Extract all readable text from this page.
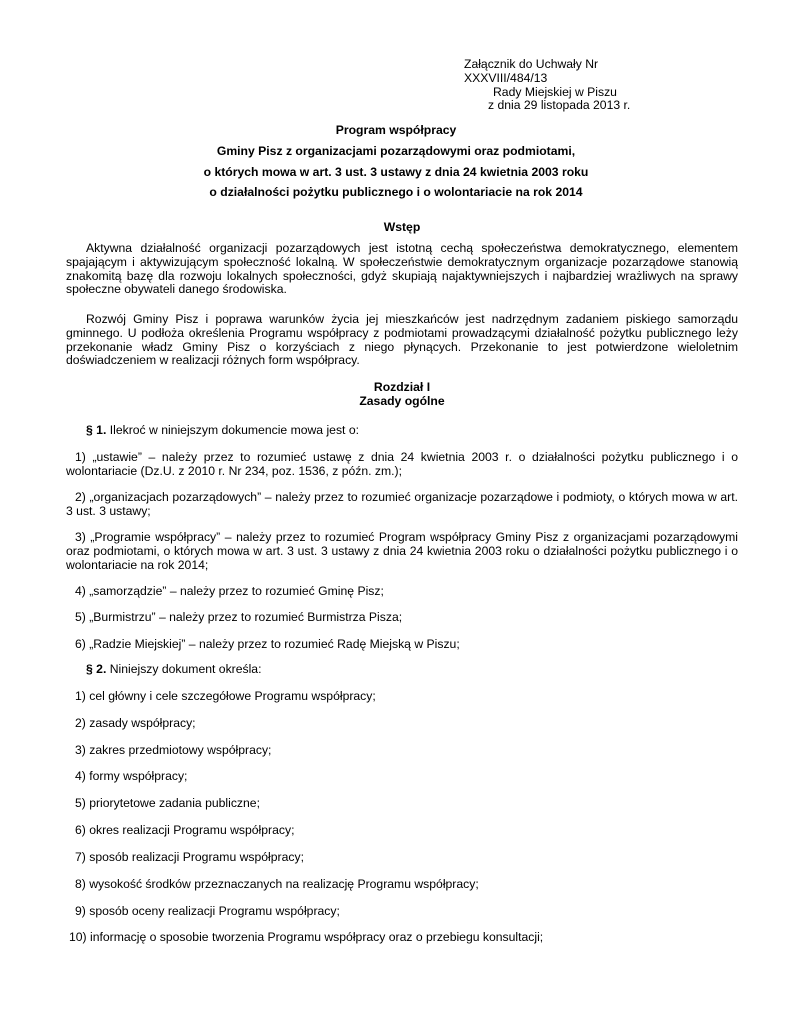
Załącznik do Uchwały Nr XXXVIII/484/13
Rady Miejskiej w Piszu
z dnia 29 listopada 2013 r.
Program współpracy
Gminy Pisz z organizacjami pozarządowymi oraz podmiotami,
o których mowa w art. 3 ust. 3 ustawy z dnia 24 kwietnia 2003 roku
o działalności pożytku publicznego i o wolontariacie na rok 2014
Wstęp
Aktywna działalność organizacji pozarządowych jest istotną cechą społeczeństwa demokratycznego, elementem spajającym i aktywizującym społeczność lokalną. W społeczeństwie demokratycznym organizacje pozarządowe stanowią znakomitą bazę dla rozwoju lokalnych społeczności, gdyż skupiają najaktywniejszych i najbardziej wrażliwych na sprawy społeczne obywateli danego środowiska.
Rozwój Gminy Pisz i poprawa warunków życia jej mieszkańców jest nadrzędnym zadaniem piskiego samorządu gminnego. U podłoża określenia Programu współpracy z podmiotami prowadzącymi działalność pożytku publicznego leży przekonanie władz Gminy Pisz o korzyściach z niego płynących. Przekonanie to jest potwierdzone wieloletnim doświadczeniem w realizacji różnych form współpracy.
Rozdział I
Zasady ogólne
§ 1. Ilekroć w niniejszym dokumencie mowa jest o:
1) „ustawie” – należy przez to rozumieć ustawę z dnia 24 kwietnia 2003 r. o działalności pożytku publicznego i o wolontariacie (Dz.U. z 2010 r. Nr 234, poz. 1536, z późn. zm.);
2) „organizacjach pozarządowych” – należy przez to rozumieć organizacje pozarządowe i podmioty, o których mowa w art. 3 ust. 3 ustawy;
3) „Programie współpracy” – należy przez to rozumieć Program współpracy Gminy Pisz z organizacjami pozarządowymi oraz podmiotami, o których mowa w art. 3 ust. 3 ustawy z dnia 24 kwietnia 2003 roku o działalności pożytku publicznego i o wolontariacie na rok 2014;
4) „samorządzie” – należy przez to rozumieć Gminę Pisz;
5) „Burmistrzu” – należy przez to rozumieć Burmistrza Pisza;
6) „Radzie Miejskiej” – należy przez to rozumieć Radę Miejską w Piszu;
§ 2. Niniejszy dokument określa:
1) cel główny i cele szczegółowe Programu współpracy;
2) zasady współpracy;
3) zakres przedmiotowy współpracy;
4) formy współpracy;
5) priorytetowe zadania publiczne;
6) okres realizacji Programu współpracy;
7) sposób realizacji Programu współpracy;
8) wysokość środków przeznaczanych na realizację Programu współpracy;
9) sposób oceny realizacji Programu współpracy;
10) informację o sposobie tworzenia Programu współpracy oraz o przebiegu konsultacji;
